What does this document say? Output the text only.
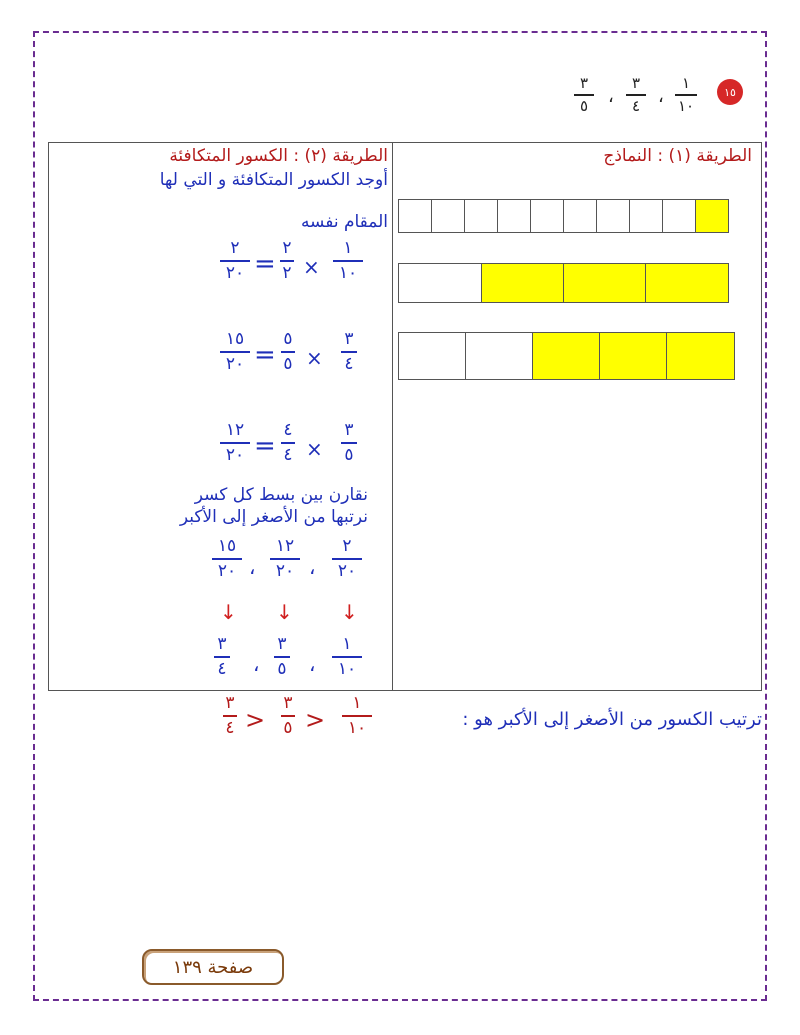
١٥
١
١٠
،
٣
٤
،
٣
٥
الطريقة (١) : النماذج
الطريقة (٢) : الكسور المتكافئة
أوجد الكسور المتكافئة و التي لها
المقام نفسه
١
١٠
×
٢
٢
=
٢
٢٠
٣
٤
×
٥
٥
=
١٥
٢٠
٣
٥
×
٤
٤
=
١٢
٢٠
نقارن بين بسط كل كسر
نرتبها من الأصغر إلى الأكبر
٢
٢٠
،
١٢
٢٠
،
١٥
٢٠
↓
↓
↓
١
١٠
،
٣
٥
،
٣
٤
ترتيب الكسور من الأصغر إلى الأكبر هو :
١
١٠
>
٣
٥
>
٣
٤
صفحة ١٣٩
